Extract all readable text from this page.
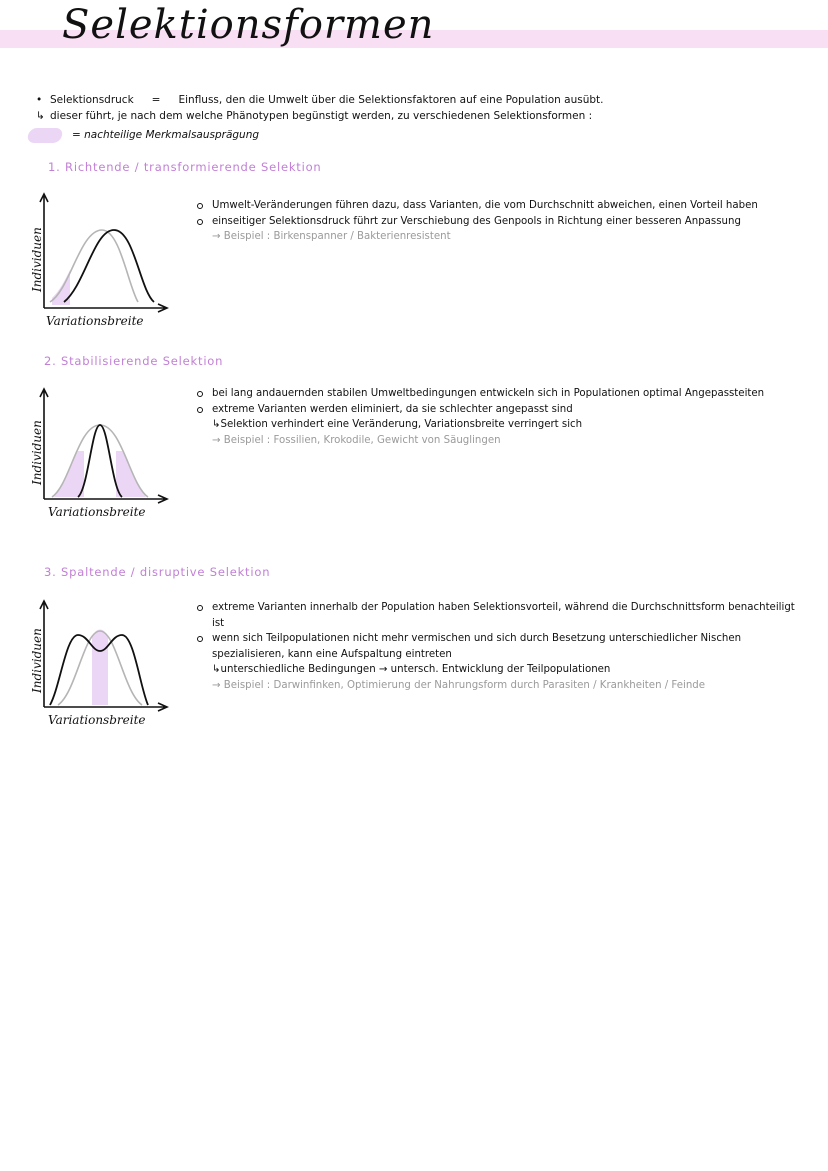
Selektionsformen
• Selektionsdruck = Einfluss, den die Umwelt über die Selektionsfaktoren auf eine Population ausübt.
↳ dieser führt, je nach dem welche Phänotypen begünstigt werden, zu verschiedenen Selektionsformen :
= nachteilige Merkmalsausprägung
1. Richtende / transformierende Selektion
Individuen
Variationsbreite
Umwelt-Veränderungen führen dazu, dass Varianten, die vom Durchschnitt abweichen, einen Vorteil haben
einseitiger Selektionsdruck führt zur Verschiebung des Genpools in Richtung einer besseren Anpassung
→ Beispiel : Birkenspanner / Bakterienresistent
2. Stabilisierende Selektion
Individuen
Variationsbreite
bei lang andauernden stabilen Umweltbedingungen entwickeln sich in Populationen optimal Angepassteiten
extreme Varianten werden eliminiert, da sie schlechter angepasst sind
↳ Selektion verhindert eine Veränderung, Variationsbreite verringert sich
→ Beispiel : Fossilien, Krokodile, Gewicht von Säuglingen
3. Spaltende / disruptive Selektion
Individuen
Variationsbreite
extreme Varianten innerhalb der Population haben Selektionsvorteil, während die Durchschnittsform benachteiligt ist
wenn sich Teilpopulationen nicht mehr vermischen und sich durch Besetzung unterschiedlicher Nischen spezialisieren, kann eine Aufspaltung eintreten
↳ unterschiedliche Bedingungen → untersch. Entwicklung der Teilpopulationen
→ Beispiel : Darwinfinken, Optimierung der Nahrungsform durch Parasiten / Krankheiten / Feinde
